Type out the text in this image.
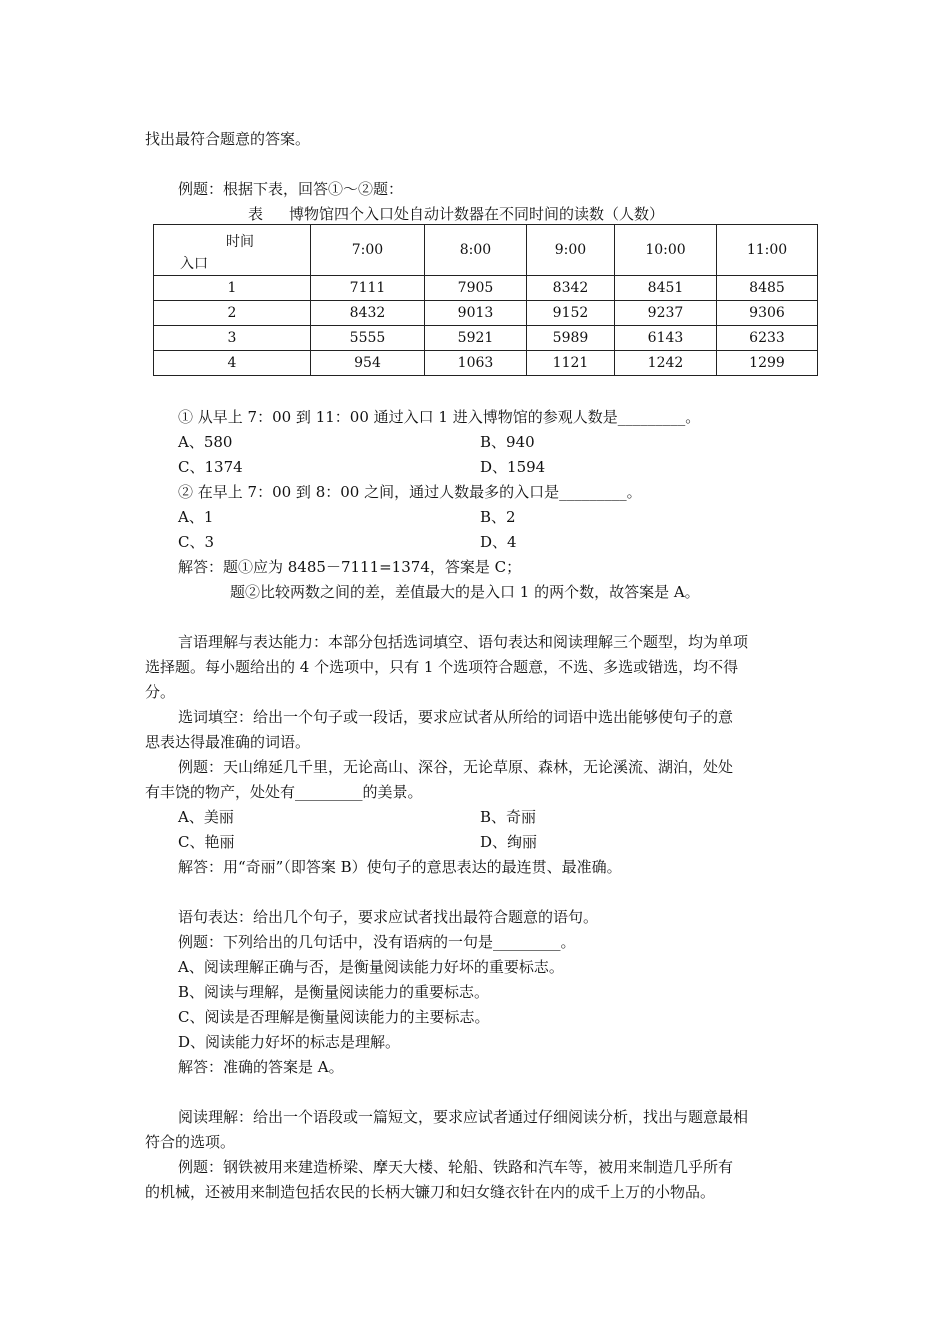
找出最符合题意的答案。
例题：根据下表，回答①～②题：
表 博物馆四个入口处自动计数器在不同时间的读数（人数）
时间
入口	7:00	8:00	9:00	10:00	11:00
1	7111	7905	8342	8451	8485
2	8432	9013	9152	9237	9306
3	5555	5921	5989	6143	6233
4	954	1063	1121	1242	1299
① 从早上 7：00 到 11：00 通过入口 1 进入博物馆的参观人数是_________。
A、580	B、940
C、1374	D、1594
② 在早上 7：00 到 8：00 之间，通过人数最多的入口是_________。
A、1	B、2
C、3	D、4
解答：题①应为 8485－7111=1374，答案是 C；
题②比较两数之间的差，差值最大的是入口 1 的两个数，故答案是 A。
言语理解与表达能力：本部分包括选词填空、语句表达和阅读理解三个题型，均为单项
选择题。每小题给出的 4 个选项中，只有 1 个选项符合题意，不选、多选或错选，均不得
分。
选词填空：给出一个句子或一段话，要求应试者从所给的词语中选出能够使句子的意
思表达得最准确的词语。
例题：天山绵延几千里，无论高山、深谷，无论草原、森林，无论溪流、湖泊，处处
有丰饶的物产，处处有_________的美景。
A、美丽	B、奇丽
C、艳丽	D、绚丽
解答：用“奇丽”（即答案 B）使句子的意思表达的最连贯、最准确。
语句表达：给出几个句子，要求应试者找出最符合题意的语句。
例题：下列给出的几句话中，没有语病的一句是_________。
A、阅读理解正确与否，是衡量阅读能力好坏的重要标志。
B、阅读与理解，是衡量阅读能力的重要标志。
C、阅读是否理解是衡量阅读能力的主要标志。
D、阅读能力好坏的标志是理解。
解答：准确的答案是 A。
阅读理解：给出一个语段或一篇短文，要求应试者通过仔细阅读分析，找出与题意最相
符合的选项。
例题：钢铁被用来建造桥梁、摩天大楼、轮船、铁路和汽车等，被用来制造几乎所有
的机械，还被用来制造包括农民的长柄大镰刀和妇女缝衣针在内的成千上万的小物品。
